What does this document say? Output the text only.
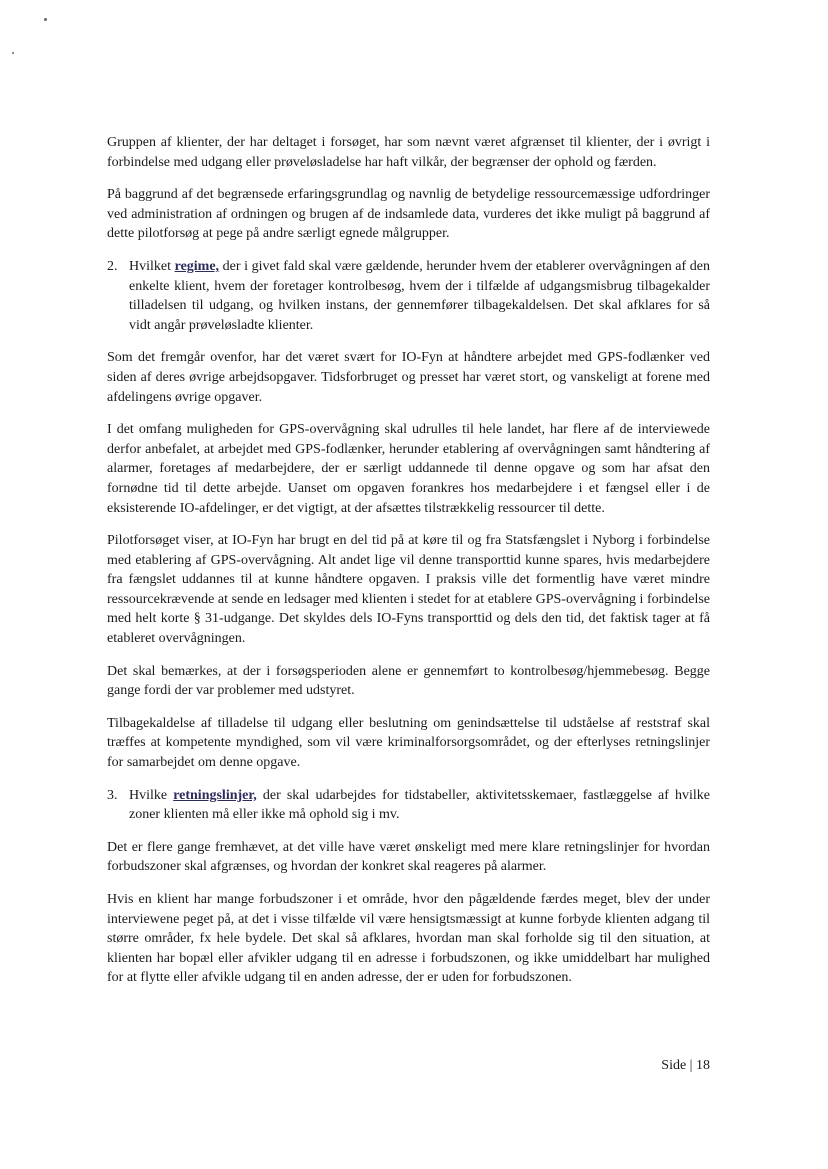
Gruppen af klienter, der har deltaget i forsøget, har som nævnt været afgrænset til klienter, der i øvrigt i forbindelse med udgang eller prøveløsladelse har haft vilkår, der begrænser der ophold og færden.

På baggrund af det begrænsede erfaringsgrundlag og navnlig de betydelige ressourcemæssige udfordringer ved administration af ordningen og brugen af de indsamlede data, vurderes det ikke muligt på baggrund af dette pilotforsøg at pege på andre særligt egnede målgrupper.

2. Hvilket regime, der i givet fald skal være gældende, herunder hvem der etablerer overvågningen af den enkelte klient, hvem der foretager kontrolbesøg, hvem der i tilfælde af udgangsmisbrug tilbagekalder tilladelsen til udgang, og hvilken instans, der gennemfører tilbagekaldelsen. Det skal afklares for så vidt angår prøveløsladte klienter.

Som det fremgår ovenfor, har det været svært for IO-Fyn at håndtere arbejdet med GPS-fodlænker ved siden af deres øvrige arbejdsopgaver. Tidsforbruget og presset har været stort, og vanskeligt at forene med afdelingens øvrige opgaver.

I det omfang muligheden for GPS-overvågning skal udrulles til hele landet, har flere af de interviewede derfor anbefalet, at arbejdet med GPS-fodlænker, herunder etablering af overvågningen samt håndtering af alarmer, foretages af medarbejdere, der er særligt uddannede til denne opgave og som har afsat den fornødne tid til dette arbejde. Uanset om opgaven forankres hos medarbejdere i et fængsel eller i de eksisterende IO-afdelinger, er det vigtigt, at der afsættes tilstrækkelig ressourcer til dette.

Pilotforsøget viser, at IO-Fyn har brugt en del tid på at køre til og fra Statsfængslet i Nyborg i forbindelse med etablering af GPS-overvågning. Alt andet lige vil denne transporttid kunne spares, hvis medarbejdere fra fængslet uddannes til at kunne håndtere opgaven. I praksis ville det formentlig have været mindre ressourcekrævende at sende en ledsager med klienten i stedet for at etablere GPS-overvågning i forbindelse med helt korte § 31-udgange. Det skyldes dels IO-Fyns transporttid og dels den tid, det faktisk tager at få etableret overvågningen.

Det skal bemærkes, at der i forsøgsperioden alene er gennemført to kontrolbesøg/hjemmebesøg. Begge gange fordi der var problemer med udstyret.

Tilbagekaldelse af tilladelse til udgang eller beslutning om genindsættelse til udståelse af reststraf skal træffes at kompetente myndighed, som vil være kriminalforsorgsområdet, og der efterlyses retningslinjer for samarbejdet om denne opgave.

3. Hvilke retningslinjer, der skal udarbejdes for tidstabeller, aktivitetsskemaer, fastlæggelse af hvilke zoner klienten må eller ikke må ophold sig i mv.

Det er flere gange fremhævet, at det ville have været ønskeligt med mere klare retningslinjer for hvordan forbudszoner skal afgrænses, og hvordan der konkret skal reageres på alarmer.

Hvis en klient har mange forbudszoner i et område, hvor den pågældende færdes meget, blev der under interviewene peget på, at det i visse tilfælde vil være hensigtsmæssigt at kunne forbyde klienten adgang til større områder, fx hele bydele. Det skal så afklares, hvordan man skal forholde sig til den situation, at klienten har bopæl eller afvikler udgang til en adresse i forbudszonen, og ikke umiddelbart har mulighed for at flytte eller afvikle udgang til en anden adresse, der er uden for forbudszonen.

Side | 18
